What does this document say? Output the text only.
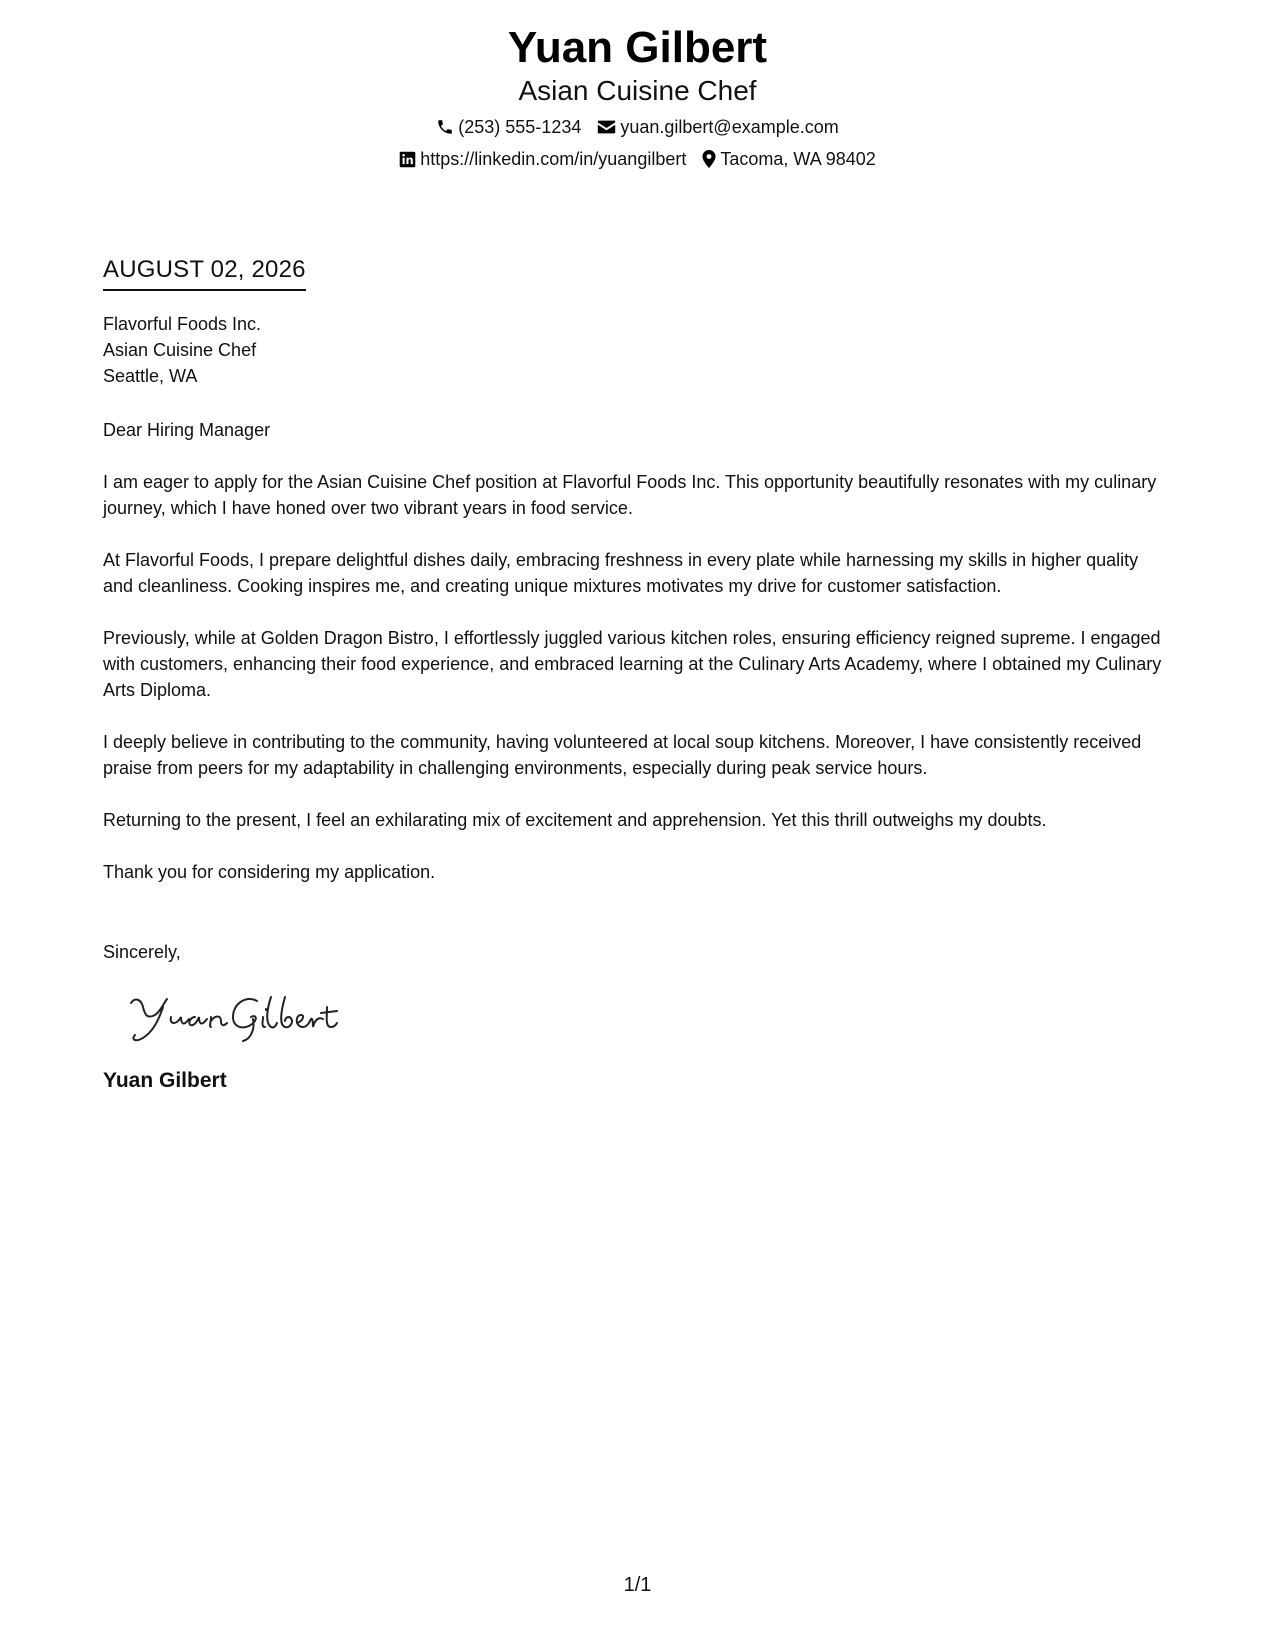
Yuan Gilbert
Asian Cuisine Chef
(253) 555-1234 yuan.gilbert@example.com
https://linkedin.com/in/yuangilbert Tacoma, WA 98402
AUGUST 02, 2026
Flavorful Foods Inc.
Asian Cuisine Chef
Seattle, WA
Dear Hiring Manager
I am eager to apply for the Asian Cuisine Chef position at Flavorful Foods Inc. This opportunity beautifully resonates with my culinary journey, which I have honed over two vibrant years in food service.
At Flavorful Foods, I prepare delightful dishes daily, embracing freshness in every plate while harnessing my skills in higher quality and cleanliness. Cooking inspires me, and creating unique mixtures motivates my drive for customer satisfaction.
Previously, while at Golden Dragon Bistro, I effortlessly juggled various kitchen roles, ensuring efficiency reigned supreme. I engaged with customers, enhancing their food experience, and embraced learning at the Culinary Arts Academy, where I obtained my Culinary Arts Diploma.
I deeply believe in contributing to the community, having volunteered at local soup kitchens. Moreover, I have consistently received praise from peers for my adaptability in challenging environments, especially during peak service hours.
Returning to the present, I feel an exhilarating mix of excitement and apprehension. Yet this thrill outweighs my doubts.
Thank you for considering my application.
Sincerely,
Yuan Gilbert
1/1
